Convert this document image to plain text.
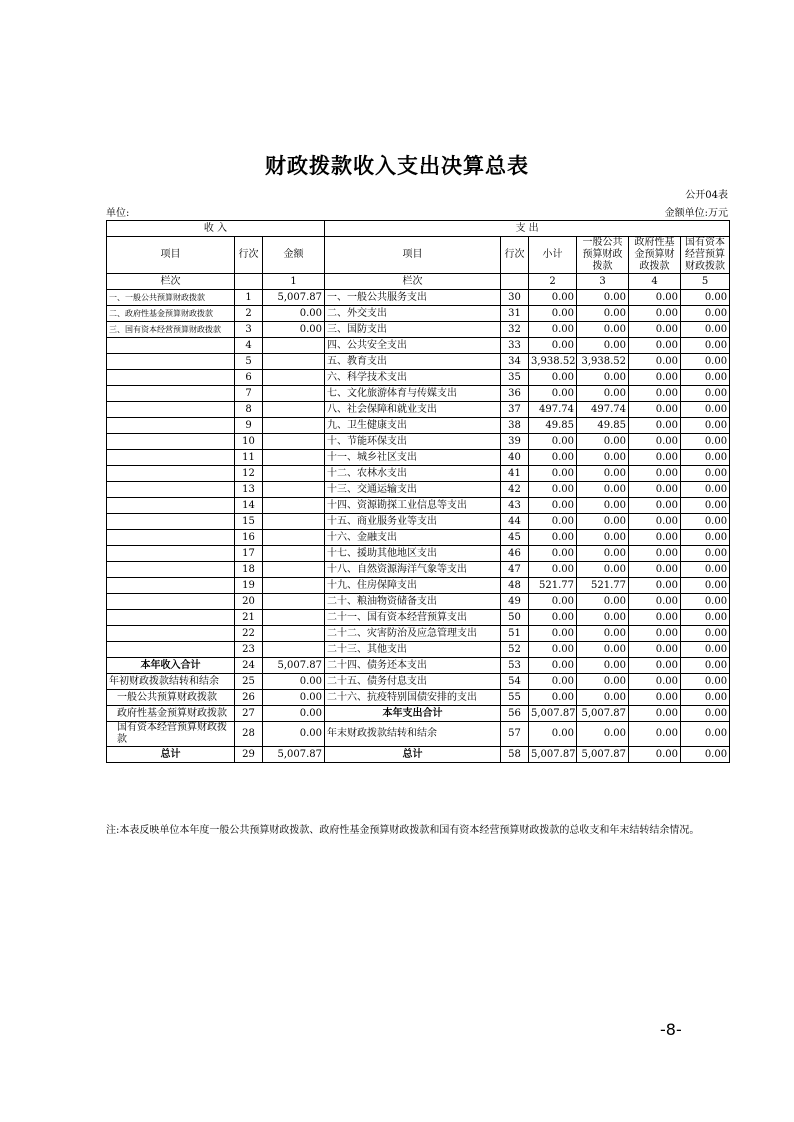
财政拨款收入支出决算总表
公开04表
单位:	金额单位:万元
收 入			支 出					
项目	行次	金额	项目	行次	小计	一般公共预算财政拨款	政府性基金预算财政拨款	国有资本经营预算财政拨款
栏次		1	栏次		2	3	4	5
一、一般公共预算财政拨款	1	5,007.87	一、一般公共服务支出	30	0.00	0.00	0.00	0.00
二、政府性基金预算财政拨款	2	0.00	二、外交支出	31	0.00	0.00	0.00	0.00
三、国有资本经营预算财政拨款	3	0.00	三、国防支出	32	0.00	0.00	0.00	0.00
	4		四、公共安全支出	33	0.00	0.00	0.00	0.00
	5		五、教育支出	34	3,938.52	3,938.52	0.00	0.00
	6		六、科学技术支出	35	0.00	0.00	0.00	0.00
	7		七、文化旅游体育与传媒支出	36	0.00	0.00	0.00	0.00
	8		八、社会保障和就业支出	37	497.74	497.74	0.00	0.00
	9		九、卫生健康支出	38	49.85	49.85	0.00	0.00
	10		十、节能环保支出	39	0.00	0.00	0.00	0.00
	11		十一、城乡社区支出	40	0.00	0.00	0.00	0.00
	12		十二、农林水支出	41	0.00	0.00	0.00	0.00
	13		十三、交通运输支出	42	0.00	0.00	0.00	0.00
	14		十四、资源勘探工业信息等支出	43	0.00	0.00	0.00	0.00
	15		十五、商业服务业等支出	44	0.00	0.00	0.00	0.00
	16		十六、金融支出	45	0.00	0.00	0.00	0.00
	17		十七、援助其他地区支出	46	0.00	0.00	0.00	0.00
	18		十八、自然资源海洋气象等支出	47	0.00	0.00	0.00	0.00
	19		十九、住房保障支出	48	521.77	521.77	0.00	0.00
	20		二十、粮油物资储备支出	49	0.00	0.00	0.00	0.00
	21		二十一、国有资本经营预算支出	50	0.00	0.00	0.00	0.00
	22		二十二、灾害防治及应急管理支出	51	0.00	0.00	0.00	0.00
	23		二十三、其他支出	52	0.00	0.00	0.00	0.00
本年收入合计	24	5,007.87	二十四、债务还本支出	53	0.00	0.00	0.00	0.00
年初财政拨款结转和结余	25	0.00	二十五、债务付息支出	54	0.00	0.00	0.00	0.00
一般公共预算财政拨款	26	0.00	二十六、抗疫特别国债安排的支出	55	0.00	0.00	0.00	0.00
政府性基金预算财政拨款	27	0.00	本年支出合计	56	5,007.87	5,007.87	0.00	0.00
国有资本经营预算财政拨款	28	0.00	年末财政拨款结转和结余	57	0.00	0.00	0.00	0.00
总计	29	5,007.87	总计	58	5,007.87	5,007.87	0.00	0.00
注:本表反映单位本年度一般公共预算财政拨款、政府性基金预算财政拨款和国有资本经营预算财政拨款的总收支和年末结转结余情况。
-8-
